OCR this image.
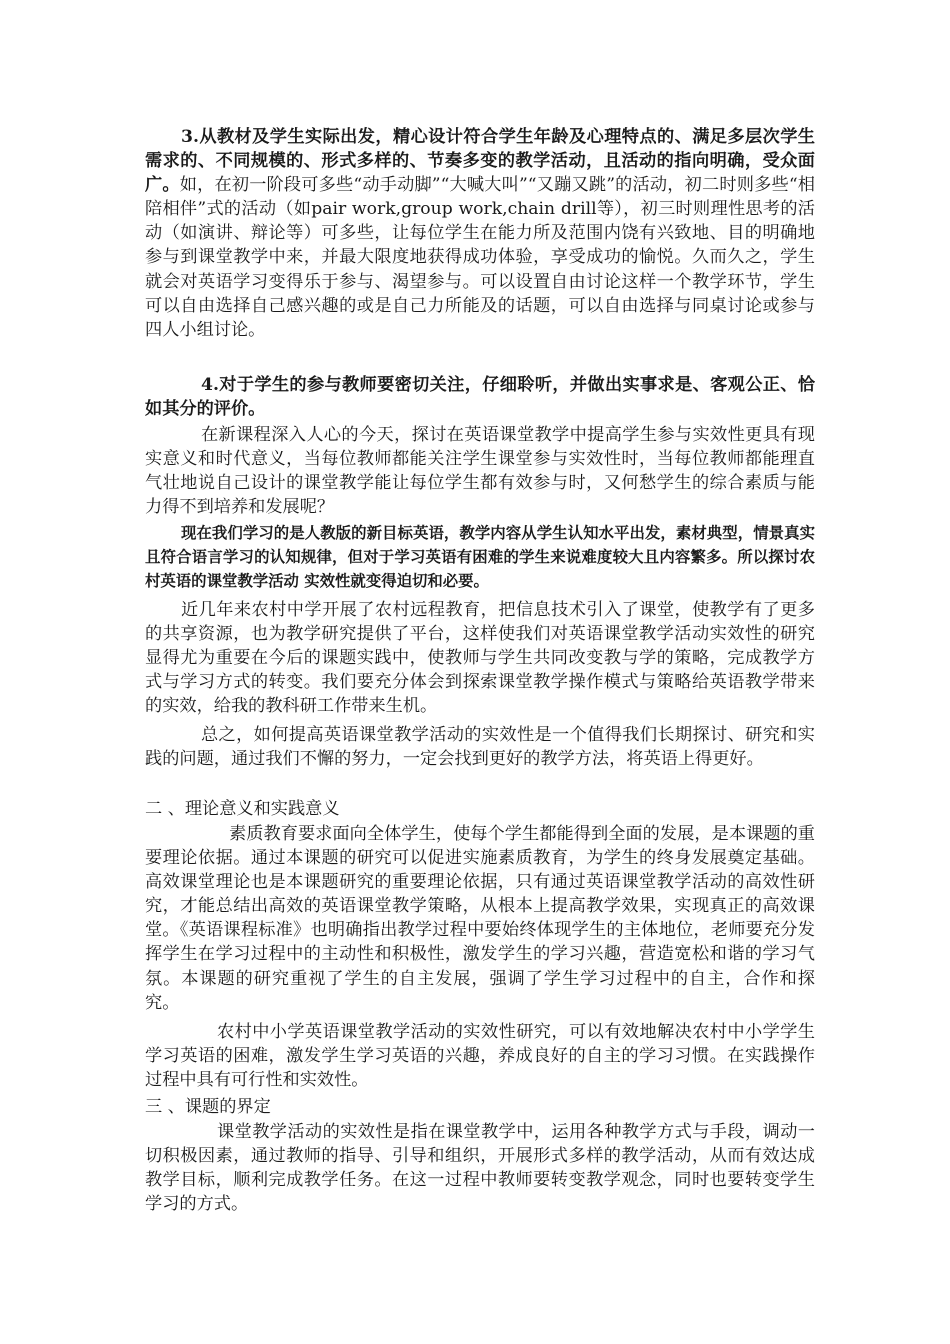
3.从教材及学生实际出发，精心设计符合学生年龄及心理特点的、满足多层次学生需求的、不同规模的、形式多样的、节奏多变的教学活动，且活动的指向明确，受众面广。如，在初一阶段可多些“动手动脚”“大喊大叫”“又蹦又跳”的活动，初二时则多些“相陪相伴”式的活动（如pair work,group work,chain drill等），初三时则理性思考的活动（如演讲、辩论等）可多些，让每位学生在能力所及范围内饶有兴致地、目的明确地参与到课堂教学中来，并最大限度地获得成功体验，享受成功的愉悦。久而久之，学生就会对英语学习变得乐于参与、渴望参与。可以设置自由讨论这样一个教学环节，学生可以自由选择自己感兴趣的或是自己力所能及的话题，可以自由选择与同桌讨论或参与四人小组讨论。

4.对于学生的参与教师要密切关注，仔细聆听，并做出实事求是、客观公正、恰如其分的评价。

在新课程深入人心的今天，探讨在英语课堂教学中提高学生参与实效性更具有现实意义和时代意义，当每位教师都能关注学生课堂参与实效性时，当每位教师都能理直气壮地说自己设计的课堂教学能让每位学生都有效参与时，又何愁学生的综合素质与能力得不到培养和发展呢？

现在我们学习的是人教版的新目标英语，教学内容从学生认知水平出发，素材典型，情景真实且符合语言学习的认知规律，但对于学习英语有困难的学生来说难度较大且内容繁多。所以探讨农村英语的课堂教学活动 实效性就变得迫切和必要。

近几年来农村中学开展了农村远程教育，把信息技术引入了课堂，使教学有了更多的共享资源，也为教学研究提供了平台，这样使我们对英语课堂教学活动实效性的研究显得尤为重要在今后的课题实践中，使教师与学生共同改变教与学的策略，完成教学方式与学习方式的转变。我们要充分体会到探索课堂教学操作模式与策略给英语教学带来的实效，给我的教科研工作带来生机。

总之，如何提高英语课堂教学活动的实效性是一个值得我们长期探讨、研究和实践的问题，通过我们不懈的努力，一定会找到更好的教学方法，将英语上得更好。

二 、理论意义和实践意义

素质教育要求面向全体学生，使每个学生都能得到全面的发展，是本课题的重要理论依据。通过本课题的研究可以促进实施素质教育，为学生的终身发展奠定基础。高效课堂理论也是本课题研究的重要理论依据，只有通过英语课堂教学活动的高效性研究，才能总结出高效的英语课堂教学策略，从根本上提高教学效果，实现真正的高效课堂。《英语课程标准》也明确指出教学过程中要始终体现学生的主体地位，老师要充分发挥学生在学习过程中的主动性和积极性，激发学生的学习兴趣，营造宽松和谐的学习气氛。本课题的研究重视了学生的自主发展，强调了学生学习过程中的自主，合作和探究。

农村中小学英语课堂教学活动的实效性研究，可以有效地解决农村中小学学生学习英语的困难，激发学生学习英语的兴趣，养成良好的自主的学习习惯。在实践操作过程中具有可行性和实效性。

三 、课题的界定

课堂教学活动的实效性是指在课堂教学中，运用各种教学方式与手段，调动一切积极因素，通过教师的指导、引导和组织，开展形式多样的教学活动，从而有效达成教学目标，顺利完成教学任务。在这一过程中教师要转变教学观念，同时也要转变学生学习的方式。
